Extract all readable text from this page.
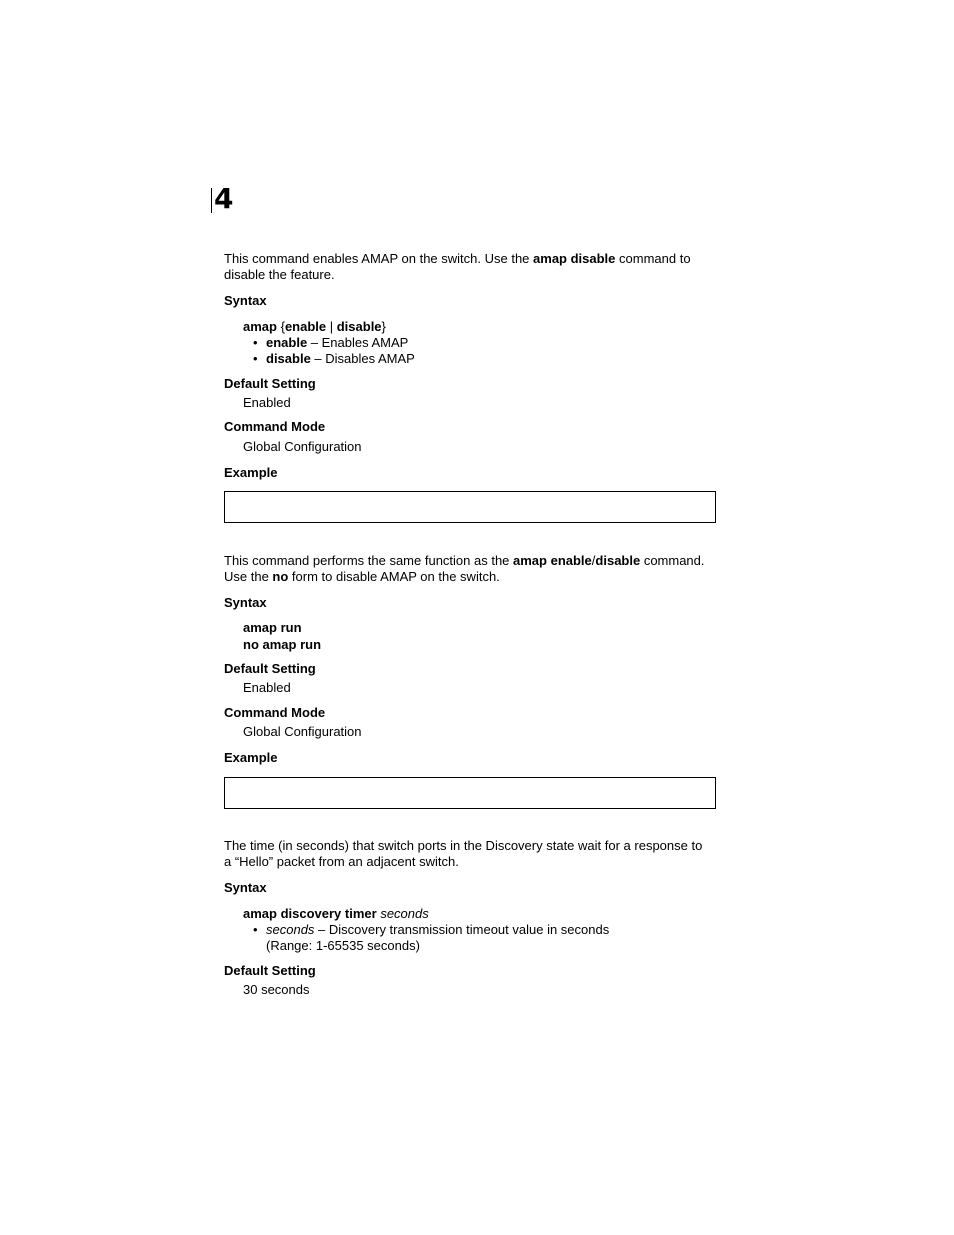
4
This command enables AMAP on the switch. Use the amap disable command to
disable the feature.
Syntax
amap {enable | disable}
• enable – Enables AMAP
• disable – Disables AMAP
Default Setting
Enabled
Command Mode
Global Configuration
Example
This command performs the same function as the amap enable/disable command.
Use the no form to disable AMAP on the switch.
Syntax
amap run
no amap run
Default Setting
Enabled
Command Mode
Global Configuration
Example
The time (in seconds) that switch ports in the Discovery state wait for a response to
a “Hello” packet from an adjacent switch.
Syntax
amap discovery timer seconds
• seconds – Discovery transmission timeout value in seconds
(Range: 1-65535 seconds)
Default Setting
30 seconds
